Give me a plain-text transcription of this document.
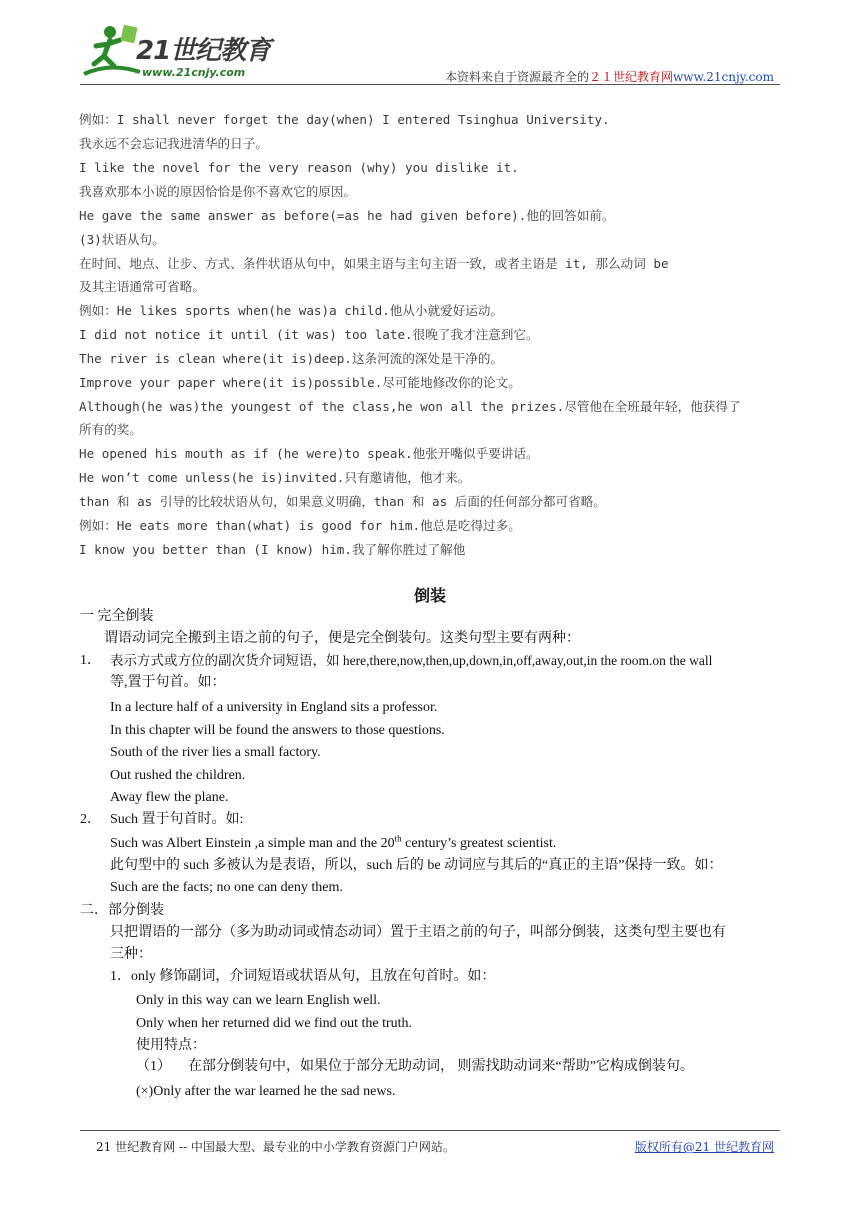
21世纪教育
www.21cnjy.com	本资料来自于资源最齐全的２１世纪教育网www.21cnjy.com
例如：I shall never forget the day(when) I entered Tsinghua University.
我永远不会忘记我进清华的日子。
I like the novel for the very reason (why) you dislike it.
我喜欢那本小说的原因恰恰是你不喜欢它的原因。
He gave the same answer as before(=as he had given before).他的回答如前。
(3)状语从句。
在时间、地点、让步、方式、条件状语从句中，如果主语与主句主语一致，或者主语是 it, 那么动词 be
及其主语通常可省略。
例如：He likes sports when(he was)a child.他从小就爱好运动。
I did not notice it until (it was) too late.很晚了我才注意到它。
The river is clean where(it is)deep.这条河流的深处是干净的。
Improve your paper where(it is)possible.尽可能地修改你的论文。
Although(he was)the youngest of the class,he won all the prizes.尽管他在全班最年轻，他获得了
所有的奖。
He opened his mouth as if (he were)to speak.他张开嘴似乎要讲话。
He won’t come unless(he is)invited.只有邀请他，他才来。
than 和 as 引导的比较状语从句，如果意义明确，than 和 as 后面的任何部分都可省略。
例如：He eats more than(what) is good for him.他总是吃得过多。
I know you better than (I know) him.我了解你胜过了解他
倒装
一 完全倒装
谓语动词完全搬到主语之前的句子，便是完全倒装句。这类句型主要有两种：
1． 表示方式或方位的副次货介词短语，如 here,there,now,then,up,down,in,off,away,out,in the room.on the wall
等,置于句首。如：
In a lecture half of a university in England sits a professor.
In this chapter will be found the answers to those questions.
South of the river lies a small factory.
Out rushed the children.
Away flew the plane.
2． Such 置于句首时。如:
Such was Albert Einstein ,a simple man and the 20th century’s greatest scientist.
此句型中的 such 多被认为是表语，所以，such 后的 be 动词应与其后的“真正的主语”保持一致。如：
Such are the facts; no one can deny them.
二．部分倒装
只把谓语的一部分（多为助动词或情态动词）置于主语之前的句子，叫部分倒装，这类句型主要也有
三种：
1．only 修饰副词，介词短语或状语从句，且放在句首时。如：
Only in this way can we learn English well.
Only when her returned did we find out the truth.
使用特点：
（1） 在部分倒装句中，如果位于部分无助动词， 则需找助动词来“帮助”它构成倒装句。
(×)Only after the war learned he the sad news.
21 世纪教育网 -- 中国最大型、最专业的中小学教育资源门户网站。	版权所有@21 世纪教育网
